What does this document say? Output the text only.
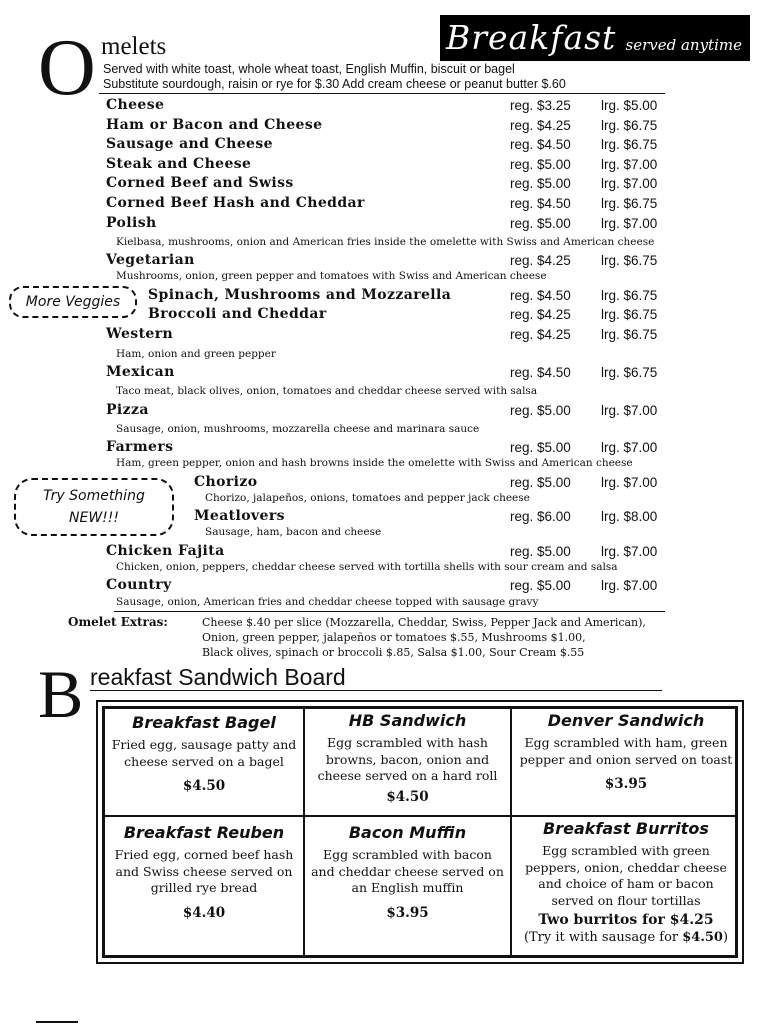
Breakfast served anytime
O melets
Served with white toast, whole wheat toast, English Muffin, biscuit or bagel
Substitute sourdough, raisin or rye for $.30 Add cream cheese or peanut butter $.60
Cheese	reg. $3.25 lrg. $5.00
Ham or Bacon and Cheese	reg. $4.25 lrg. $6.75
Sausage and Cheese	reg. $4.50 lrg. $6.75
Steak and Cheese	reg. $5.00 lrg. $7.00
Corned Beef and Swiss	reg. $5.00 lrg. $7.00
Corned Beef Hash and Cheddar	reg. $4.50 lrg. $6.75
Polish	reg. $5.00 lrg. $7.00
Kielbasa, mushrooms, onion and American fries inside the omelette with Swiss and American cheese
Vegetarian	reg. $4.25 lrg. $6.75
Mushrooms, onion, green pepper and tomatoes with Swiss and American cheese
Spinach, Mushrooms and Mozzarella	reg. $4.50 lrg. $6.75
Broccoli and Cheddar	reg. $4.25 lrg. $6.75
Western	reg. $4.25 lrg. $6.75
Ham, onion and green pepper
Mexican	reg. $4.50 lrg. $6.75
Taco meat, black olives, onion, tomatoes and cheddar cheese served with salsa
Pizza	reg. $5.00 lrg. $7.00
Sausage, onion, mushrooms, mozzarella cheese and marinara sauce
Farmers	reg. $5.00 lrg. $7.00
Ham, green pepper, onion and hash browns inside the omelette with Swiss and American cheese
Chorizo	reg. $5.00 lrg. $7.00
Chorizo, jalapeños, onions, tomatoes and pepper jack cheese
Meatlovers	reg. $6.00 lrg. $8.00
Sausage, ham, bacon and cheese
Chicken Fajita	reg. $5.00 lrg. $7.00
Chicken, onion, peppers, cheddar cheese served with tortilla shells with sour cream and salsa
Country	reg. $5.00 lrg. $7.00
Sausage, onion, American fries and cheddar cheese topped with sausage gravy
More Veggies
Try Something
NEW!!!
Omelet Extras:	Cheese $.40 per slice (Mozzarella, Cheddar, Swiss, Pepper Jack and American),
Onion, green pepper, jalapeños or tomatoes $.55, Mushrooms $1.00,
Black olives, spinach or broccoli $.85, Salsa $1.00, Sour Cream $.55
B reakfast Sandwich Board
Breakfast Bagel
Fried egg, sausage patty and cheese served on a bagel
$4.50
HB Sandwich
Egg scrambled with hash browns, bacon, onion and cheese served on a hard roll
$4.50
Denver Sandwich
Egg scrambled with ham, green pepper and onion served on toast
$3.95
Breakfast Reuben
Fried egg, corned beef hash and Swiss cheese served on grilled rye bread
$4.40
Bacon Muffin
Egg scrambled with bacon and cheddar cheese served on an English muffin
$3.95
Breakfast Burritos
Egg scrambled with green peppers, onion, cheddar cheese and choice of ham or bacon served on flour tortillas
Two burritos for $4.25
(Try it with sausage for $4.50)
